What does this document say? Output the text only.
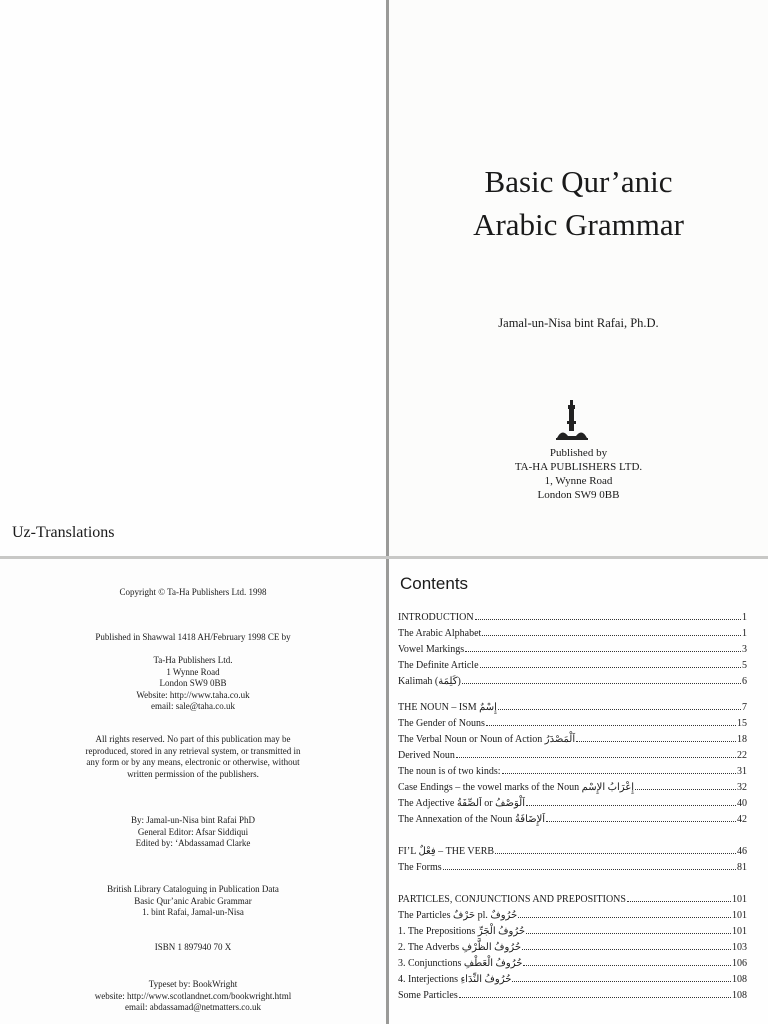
Uz-Translations
Basic Qur’anic
Arabic Grammar
Jamal-un-Nisa bint Rafai, Ph.D.
Published by
TA-HA PUBLISHERS LTD.
1, Wynne Road
London SW9 0BB
Copyright © Ta-Ha Publishers Ltd. 1998
Published in Shawwal 1418 AH/February 1998 CE by
Ta-Ha Publishers Ltd.
1 Wynne Road
London SW9 0BB
Website: http://www.taha.co.uk
email: sale@taha.co.uk
All rights reserved. No part of this publication may be
reproduced, stored in any retrieval system, or transmitted in
any form or by any means, electronic or otherwise, without
written permission of the publishers.
By: Jamal-un-Nisa bint Rafai PhD
General Editor: Afsar Siddiqui
Edited by: ‘Abdassamad Clarke
British Library Cataloguing in Publication Data
Basic Qur’anic Arabic Grammar
1. bint Rafai, Jamal-un-Nisa
ISBN 1 897940 70 X
Typeset by: BookWright
website: http://www.scotlandnet.com/bookwright.html
email: abdassamad@netmatters.co.uk
Contents
INTRODUCTION	1
The Arabic Alphabet	1
Vowel Markings	3
The Definite Article	5
Kalimah (كَلِمَة)	6
THE NOUN – ISM إِسْمٌ	7
The Gender of Nouns	15
The Verbal Noun or Noun of Action اَلْمَصْدَرُ	18
Derived Noun	22
The noun is of two kinds:	31
Case Endings – the vowel marks of the Noun إِعْرَابُ الإِسْم	32
The Adjective اَلصِّفَةُ or اَلْوَصْفُ	40
The Annexation of the Noun اَلإِضَافَةُ	42
FI’L فِعْلٌ – THE VERB	46
The Forms	81
PARTICLES, CONJUNCTIONS AND PREPOSITIONS	101
The Particles حَرْفٌ pl. حُرُوفٌ	101
1. The Prepositions حُرُوفُ الْجَرِّ	101
2. The Adverbs حُرُوفُ الظَّرْفِ	103
3. Conjunctions حُرُوفُ الْعَطْفِ	106
4. Interjections حُرُوفُ النِّدَاءِ	108
Some Particles	108
